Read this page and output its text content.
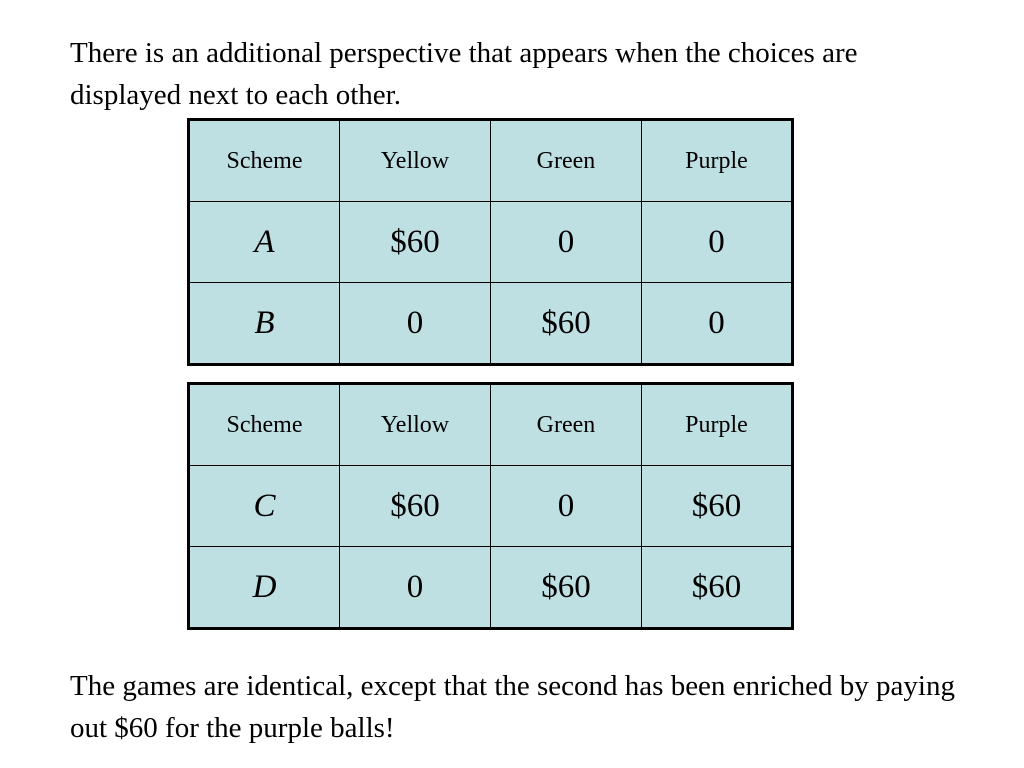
There is an additional perspective that appears when the choices are displayed next to each other.

Scheme	Yellow	Green	Purple
A	$60	0	0
B	0	$60	0
Scheme	Yellow	Green	Purple
C	$60	0	$60
D	0	$60	$60

The games are identical, except that the second has been enriched by paying out $60 for the purple balls!
